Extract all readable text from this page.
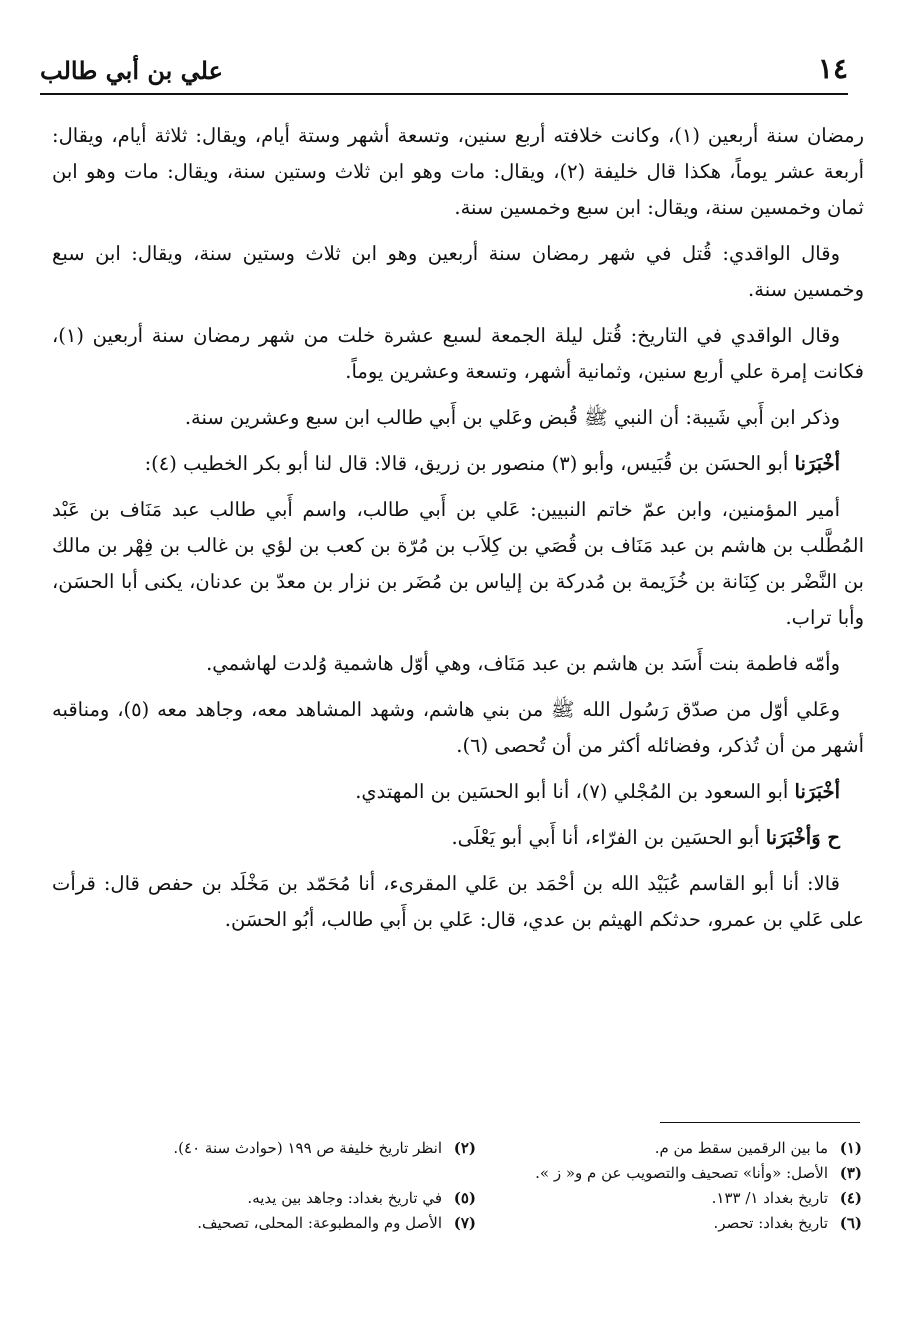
١٤
علي بن أبي طالب

رمضان سنة أربعين (١)، وكانت خلافته أربع سنين، وتسعة أشهر وستة أيام، ويقال: ثلاثة أيام، ويقال: أربعة عشر يوماً، هكذا قال خليفة (٢)، ويقال: مات وهو ابن ثلاث وستين سنة، ويقال: مات وهو ابن ثمان وخمسين سنة، ويقال: ابن سبع وخمسين سنة.

وقال الواقدي: قُتل في شهر رمضان سنة أربعين وهو ابن ثلاث وستين سنة، ويقال: ابن سبع وخمسين سنة.

وقال الواقدي في التاريخ: قُتل ليلة الجمعة لسبع عشرة خلت من شهر رمضان سنة أربعين (١)، فكانت إمرة علي أربع سنين، وثمانية أشهر، وتسعة وعشرين يوماً.

وذكر ابن أَبي شَيبة: أن النبي ﷺ قُبض وعَلي بن أَبي طالب ابن سبع وعشرين سنة.

أخْبَرَنا أبو الحسَن بن قُبَيس، وأبو (٣) منصور بن زريق، قالا: قال لنا أبو بكر الخطيب (٤):

أمير المؤمنين، وابن عمّ خاتم النبيين: عَلي بن أَبي طالب، واسم أَبي طالب عبد مَنَاف بن عَبْد المُطَّلب بن هاشم بن عبد مَنَاف بن قُصَي بن كِلاَب بن مُرّة بن كعب بن لؤي بن غالب بن فِهْر بن مالك بن النَّضْر بن كِنَانة بن خُزَيمة بن مُدركة بن إلياس بن مُضَر بن نزار بن معدّ بن عدنان، يكنى أبا الحسَن، وأبا تراب.

وأمّه فاطمة بنت أَسَد بن هاشم بن عبد مَنَاف، وهي أوّل هاشمية وُلدت لهاشمي.

وعَلي أوّل من صدّق رَسُول الله ﷺ من بني هاشم، وشهد المشاهد معه، وجاهد معه (٥)، ومناقبه أشهر من أن تُذكر، وفضائله أكثر من أن تُحصى (٦).

أخْبَرَنا أبو السعود بن المُجْلي (٧)، أنا أبو الحسَين بن المهتدي.

ح وَأخْبَرَنا أبو الحسَين بن الفرّاء، أنا أَبي أبو يَعْلَى.

قالا: أنا أبو القاسم عُبَيْد الله بن أحْمَد بن عَلي المقرىء، أنا مُحَمّد بن مَخْلَد بن حفص قال: قرأت على عَلي بن عمرو، حدثكم الهيثم بن عدي، قال: عَلي بن أَبي طالب، أبُو الحسَن.

(١)ما بين الرقمين سقط من م.
(٢)انظر تاريخ خليفة ص ١٩٩ (حوادث سنة ٤٠).
(٣)الأصل: «وأنا» تصحيف والتصويب عن م و« ز ».
(٤)تاريخ بغداد ١/ ١٣٣.
(٥)في تاريخ بغداد: وجاهد بين يديه.
(٦)تاريخ بغداد: تحصر.
(٧)الأصل وم والمطبوعة: المحلى، تصحيف.
